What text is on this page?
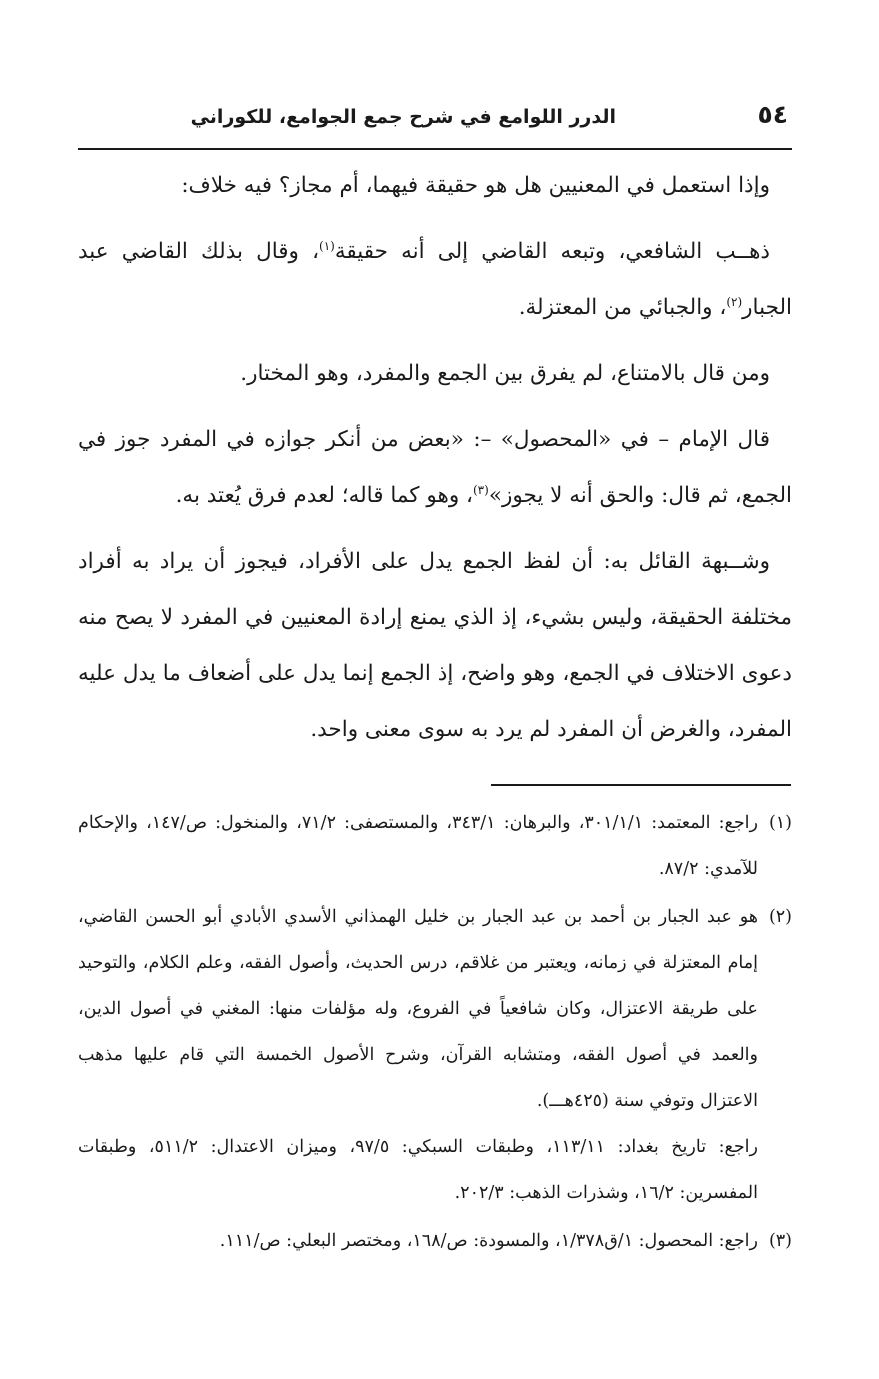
٥٤
الدرر اللوامع في شرح جمع الجوامع، للكوراني

وإذا استعمل في المعنيين هل هو حقيقة فيهما، أم مجاز؟ فيه خلاف:

ذهــب الشافعي، وتبعه القاضي إلى أنه حقيقة$^{(١)}$، وقال بذلك القاضي عبد الجبار$^{(٢)}$، والجبائي من المعتزلة.

ومن قال بالامتناع، لم يفرق بين الجمع والمفرد، وهو المختار.

قال الإمام – في «المحصول» –: «بعض من أنكر جوازه في المفرد جوز في الجمع، ثم قال: والحق أنه لا يجوز»$^{(٣)}$، وهو كما قاله؛ لعدم فرق يُعتد به.

وشــبهة القائل به: أن لفظ الجمع يدل على الأفراد، فيجوز أن يراد به أفراد مختلفة الحقيقة، وليس بشيء، إذ الذي يمنع إرادة المعنيين في المفرد لا يصح منه دعوى الاختلاف في الجمع، وهو واضح، إذ الجمع إنما يدل على أضعاف ما يدل عليه المفرد، والغرض أن المفرد لم يرد به سوى معنى واحد.

(١)

راجع: المعتمد: ٣٠١/١/١، والبرهان: ٣٤٣/١، والمستصفى: ٧١/٢، والمنخول: ص/١٤٧، والإحكام للآمدي: ٨٧/٢.

(٢)

هو عبد الجبار بن أحمد بن عبد الجبار بن خليل الهمذاني الأسدي الأبادي أبو الحسن القاضي، إمام المعتزلة في زمانه، ويعتبر من غلاقم، درس الحديث، وأصول الفقه، وعلم الكلام، والتوحيد على طريقة الاعتزال، وكان شافعياً في الفروع، وله مؤلفات منها: المغني في أصول الدين، والعمد في أصول الفقه، ومتشابه القرآن، وشرح الأصول الخمسة التي قام عليها مذهب الاعتزال وتوفي سنة (٤٢٥هـــ).

راجع: تاريخ بغداد: ١١٣/١١، وطبقات السبكي: ٩٧/٥، وميزان الاعتدال: ٥١١/٢، وطبقات المفسرين: ١٦/٢، وشذرات الذهب: ٢٠٢/٣.

(٣)

راجع: المحصول: ١/ق١/٣٧٨، والمسودة: ص/١٦٨، ومختصر البعلي: ص/١١١.
